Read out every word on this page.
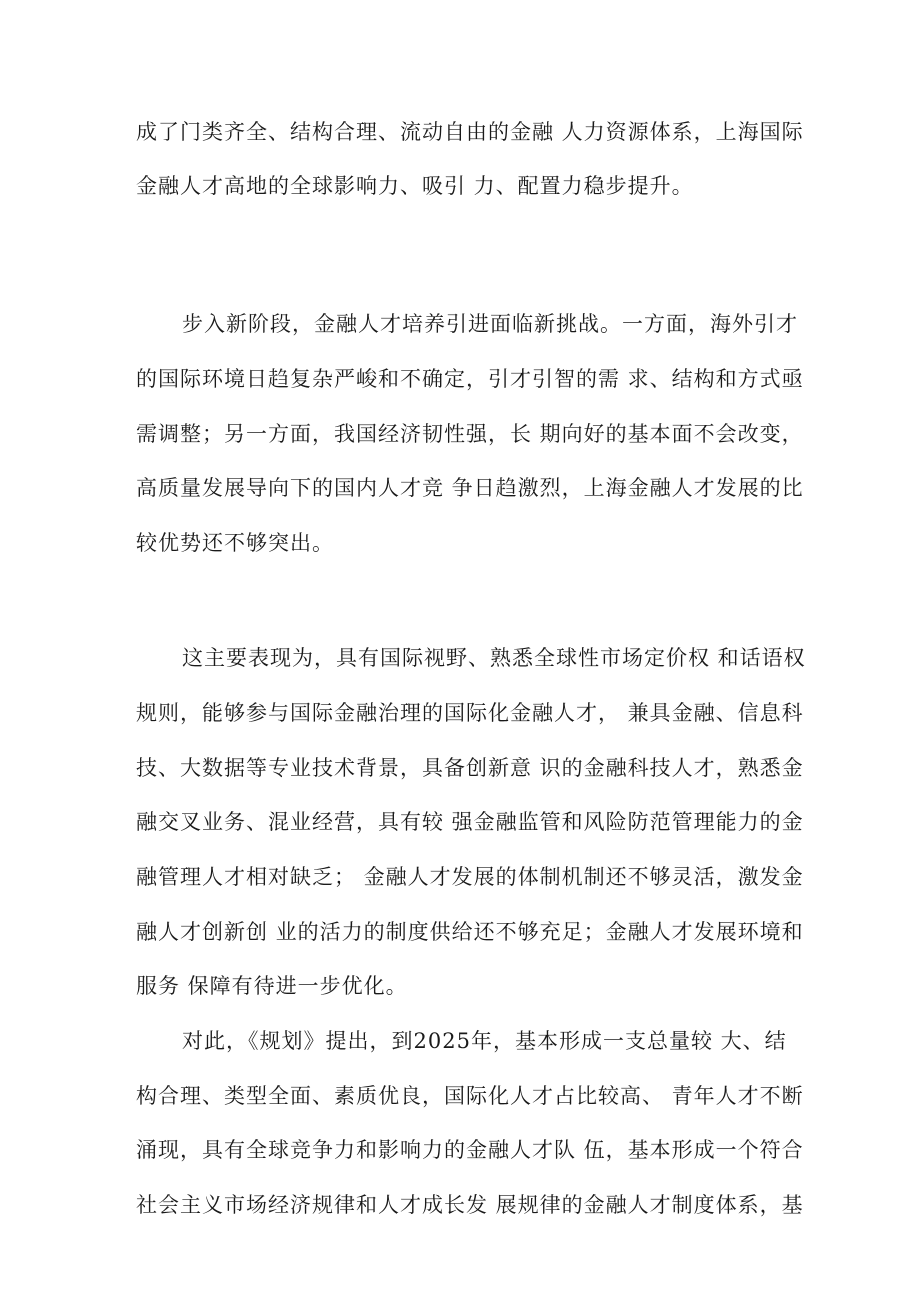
成了门类齐全、结构合理、流动自由的金融 人力资源体系，上海国际
金融人才高地的全球影响力、吸引 力、配置力稳步提升。
步入新阶段，金融人才培养引进面临新挑战。一方面，海外引才
的国际环境日趋复杂严峻和不确定，引才引智的需 求、结构和方式亟
需调整；另一方面，我国经济韧性强，长 期向好的基本面不会改变，
高质量发展导向下的国内人才竞 争日趋激烈，上海金融人才发展的比
较优势还不够突出。
这主要表现为，具有国际视野、熟悉全球性市场定价权 和话语权
规则，能够参与国际金融治理的国际化金融人才， 兼具金融、信息科
技、大数据等专业技术背景，具备创新意 识的金融科技人才，熟悉金
融交叉业务、混业经营，具有较 强金融监管和风险防范管理能力的金
融管理人才相对缺乏； 金融人才发展的体制机制还不够灵活，激发金
融人才创新创 业的活力的制度供给还不够充足；金融人才发展环境和
服务 保障有待进一步优化。
对此，《规划》提出，到2025年，基本形成一支总量较 大、结
构合理、类型全面、素质优良，国际化人才占比较高、 青年人才不断
涌现，具有全球竞争力和影响力的金融人才队 伍，基本形成一个符合
社会主义市场经济规律和人才成长发 展规律的金融人才制度体系，基
